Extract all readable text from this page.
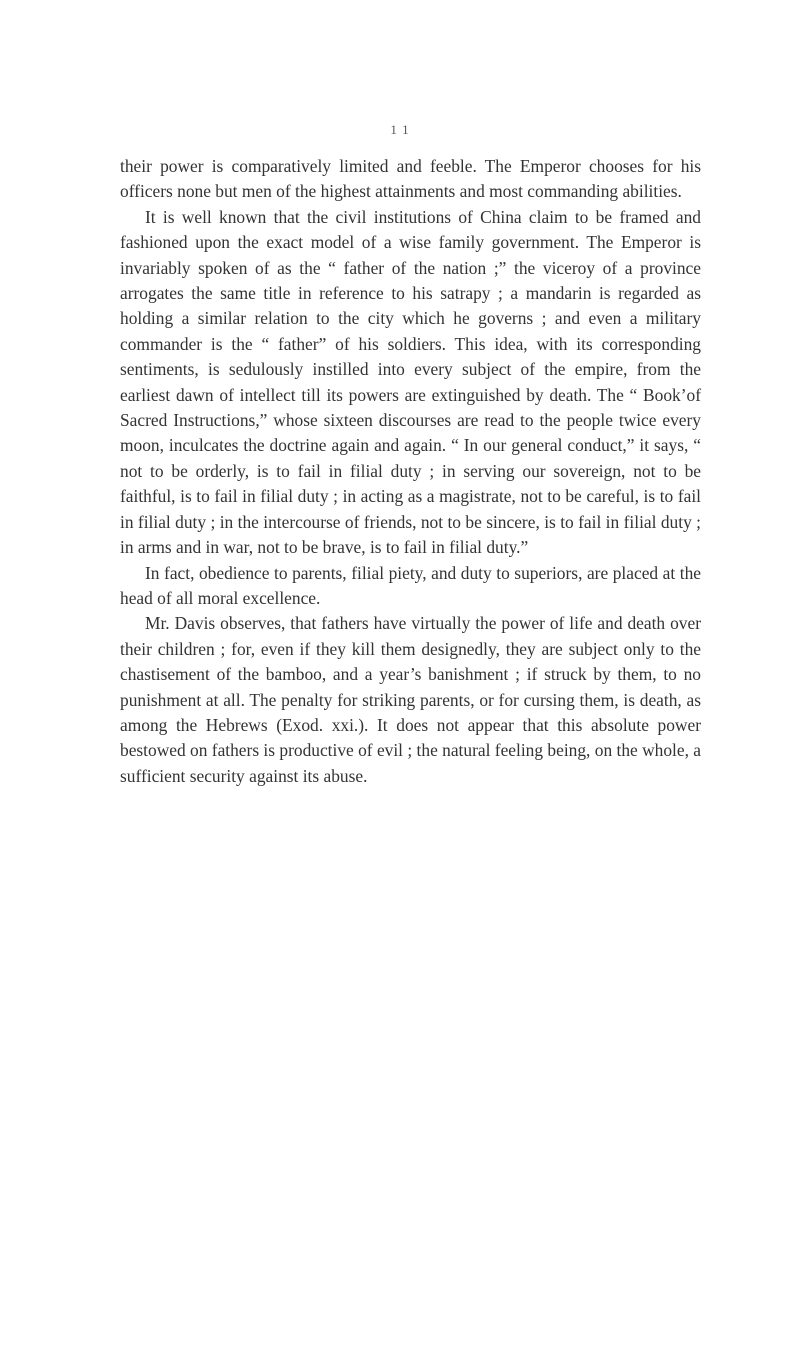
1 1

their power is comparatively limited and feeble. The Emperor chooses for his officers none but men of the highest attainments and most commanding abilities.

It is well known that the civil institutions of China claim to be framed and fashioned upon the exact model of a wise family government. The Emperor is invariably spoken of as the “ father of the nation ;” the viceroy of a province arrogates the same title in reference to his satrapy ; a mandarin is regarded as holding a similar relation to the city which he governs ; and even a military commander is the “ father” of his soldiers. This idea, with its corresponding sentiments, is sedulously instilled into every subject of the empire, from the earliest dawn of intellect till its powers are extinguished by death. The “ Book’of Sacred Instructions,” whose sixteen discourses are read to the people twice every moon, inculcates the doctrine again and again. “ In our general conduct,” it says, “ not to be orderly, is to fail in filial duty ; in serving our sovereign, not to be faithful, is to fail in filial duty ; in acting as a magistrate, not to be careful, is to fail in filial duty ; in the intercourse of friends, not to be sincere, is to fail in filial duty ; in arms and in war, not to be brave, is to fail in filial duty.”

In fact, obedience to parents, filial piety, and duty to superiors, are placed at the head of all moral excellence.

Mr. Davis observes, that fathers have virtually the power of life and death over their children ; for, even if they kill them designedly, they are subject only to the chastisement of the bamboo, and a year’s banishment ; if struck by them, to no punishment at all. The penalty for striking parents, or for cursing them, is death, as among the Hebrews (Exod. xxi.). It does not appear that this absolute power bestowed on fathers is productive of evil ; the natural feeling being, on the whole, a sufficient security against its abuse.
